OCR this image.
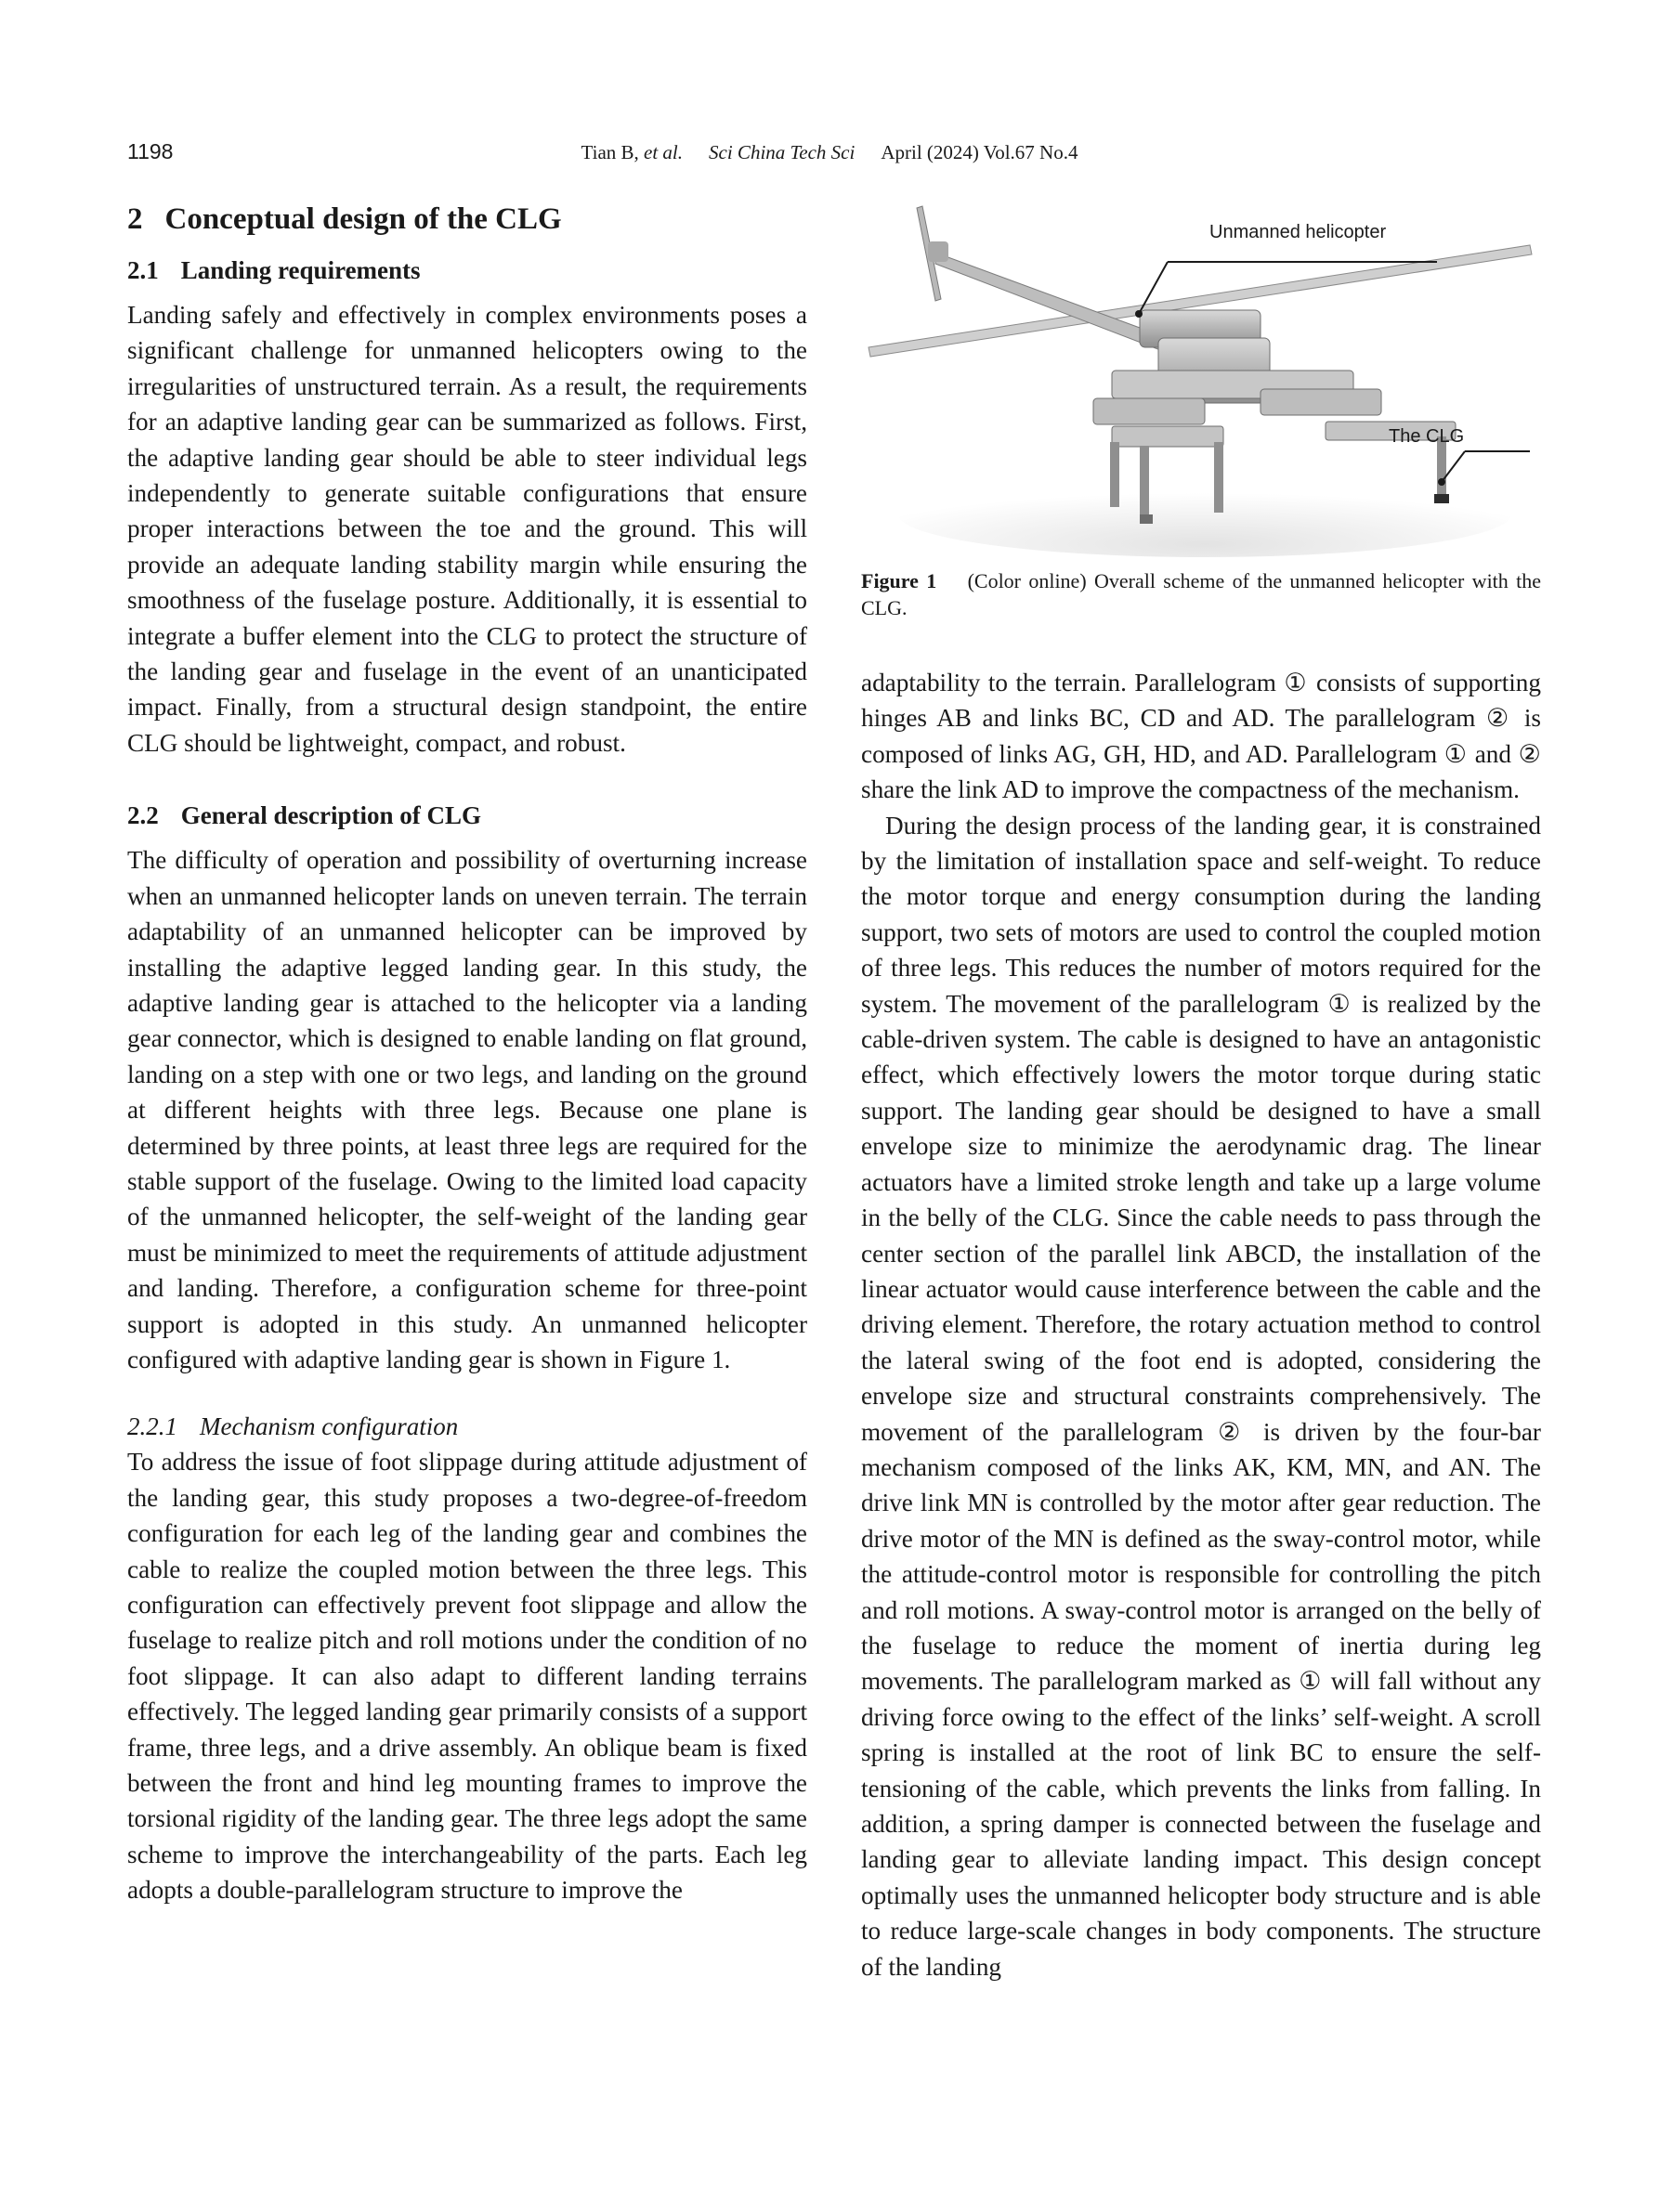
1198	Tian B, et al. Sci China Tech Sci April (2024) Vol.67 No.4
2 Conceptual design of the CLG
2.1 Landing requirements

Landing safely and effectively in complex environments poses a significant challenge for unmanned helicopters owing to the irregularities of unstructured terrain. As a result, the requirements for an adaptive landing gear can be summarized as follows. First, the adaptive landing gear should be able to steer individual legs independently to generate suitable configurations that ensure proper interactions between the toe and the ground. This will provide an adequate landing stability margin while ensuring the smoothness of the fuselage posture. Additionally, it is essential to integrate a buffer element into the CLG to protect the structure of the landing gear and fuselage in the event of an unanticipated impact. Finally, from a structural design standpoint, the entire CLG should be lightweight, compact, and robust.

2.2 General description of CLG

The difficulty of operation and possibility of overturning increase when an unmanned helicopter lands on uneven terrain. The terrain adaptability of an unmanned helicopter can be improved by installing the adaptive legged landing gear. In this study, the adaptive landing gear is attached to the helicopter via a landing gear connector, which is designed to enable landing on flat ground, landing on a step with one or two legs, and landing on the ground at different heights with three legs. Because one plane is determined by three points, at least three legs are required for the stable support of the fuselage. Owing to the limited load capacity of the unmanned helicopter, the self-weight of the landing gear must be minimized to meet the requirements of attitude adjustment and landing. Therefore, a configuration scheme for three-point support is adopted in this study. An unmanned helicopter configured with adaptive landing gear is shown in Figure 1.

2.2.1 Mechanism configuration

To address the issue of foot slippage during attitude adjustment of the landing gear, this study proposes a two-degree-of-freedom configuration for each leg of the landing gear and combines the cable to realize the coupled motion between the three legs. This configuration can effectively prevent foot slippage and allow the fuselage to realize pitch and roll motions under the condition of no foot slippage. It can also adapt to different landing terrains effectively. The legged landing gear primarily consists of a support frame, three legs, and a drive assembly. An oblique beam is fixed between the front and hind leg mounting frames to improve the torsional rigidity of the landing gear. The three legs adopt the same scheme to improve the interchangeability of the parts. Each leg adopts a double-parallelogram structure to improve the

Unmanned helicopter
The CLG
Figure 1 (Color online) Overall scheme of the unmanned helicopter with the CLG.

adaptability to the terrain. Parallelogram ① consists of supporting hinges AB and links BC, CD and AD. The parallelogram ② is composed of links AG, GH, HD, and AD. Parallelogram ① and ② share the link AD to improve the compactness of the mechanism.

During the design process of the landing gear, it is constrained by the limitation of installation space and self-weight. To reduce the motor torque and energy consumption during the landing support, two sets of motors are used to control the coupled motion of three legs. This reduces the number of motors required for the system. The movement of the parallelogram ① is realized by the cable-driven system. The cable is designed to have an antagonistic effect, which effectively lowers the motor torque during static support. The landing gear should be designed to have a small envelope size to minimize the aerodynamic drag. The linear actuators have a limited stroke length and take up a large volume in the belly of the CLG. Since the cable needs to pass through the center section of the parallel link ABCD, the installation of the linear actuator would cause interference between the cable and the driving element. Therefore, the rotary actuation method to control the lateral swing of the foot end is adopted, considering the envelope size and structural constraints comprehensively. The movement of the parallelogram ② is driven by the four-bar mechanism composed of the links AK, KM, MN, and AN. The drive link MN is controlled by the motor after gear reduction. The drive motor of the MN is defined as the sway-control motor, while the attitude-control motor is responsible for controlling the pitch and roll motions. A sway-control motor is arranged on the belly of the fuselage to reduce the moment of inertia during leg movements. The parallelogram marked as ① will fall without any driving force owing to the effect of the links’ self-weight. A scroll spring is installed at the root of link BC to ensure the self-tensioning of the cable, which prevents the links from falling. In addition, a spring damper is connected between the fuselage and landing gear to alleviate landing impact. This design concept optimally uses the unmanned helicopter body structure and is able to reduce large-scale changes in body components. The structure of the landing
